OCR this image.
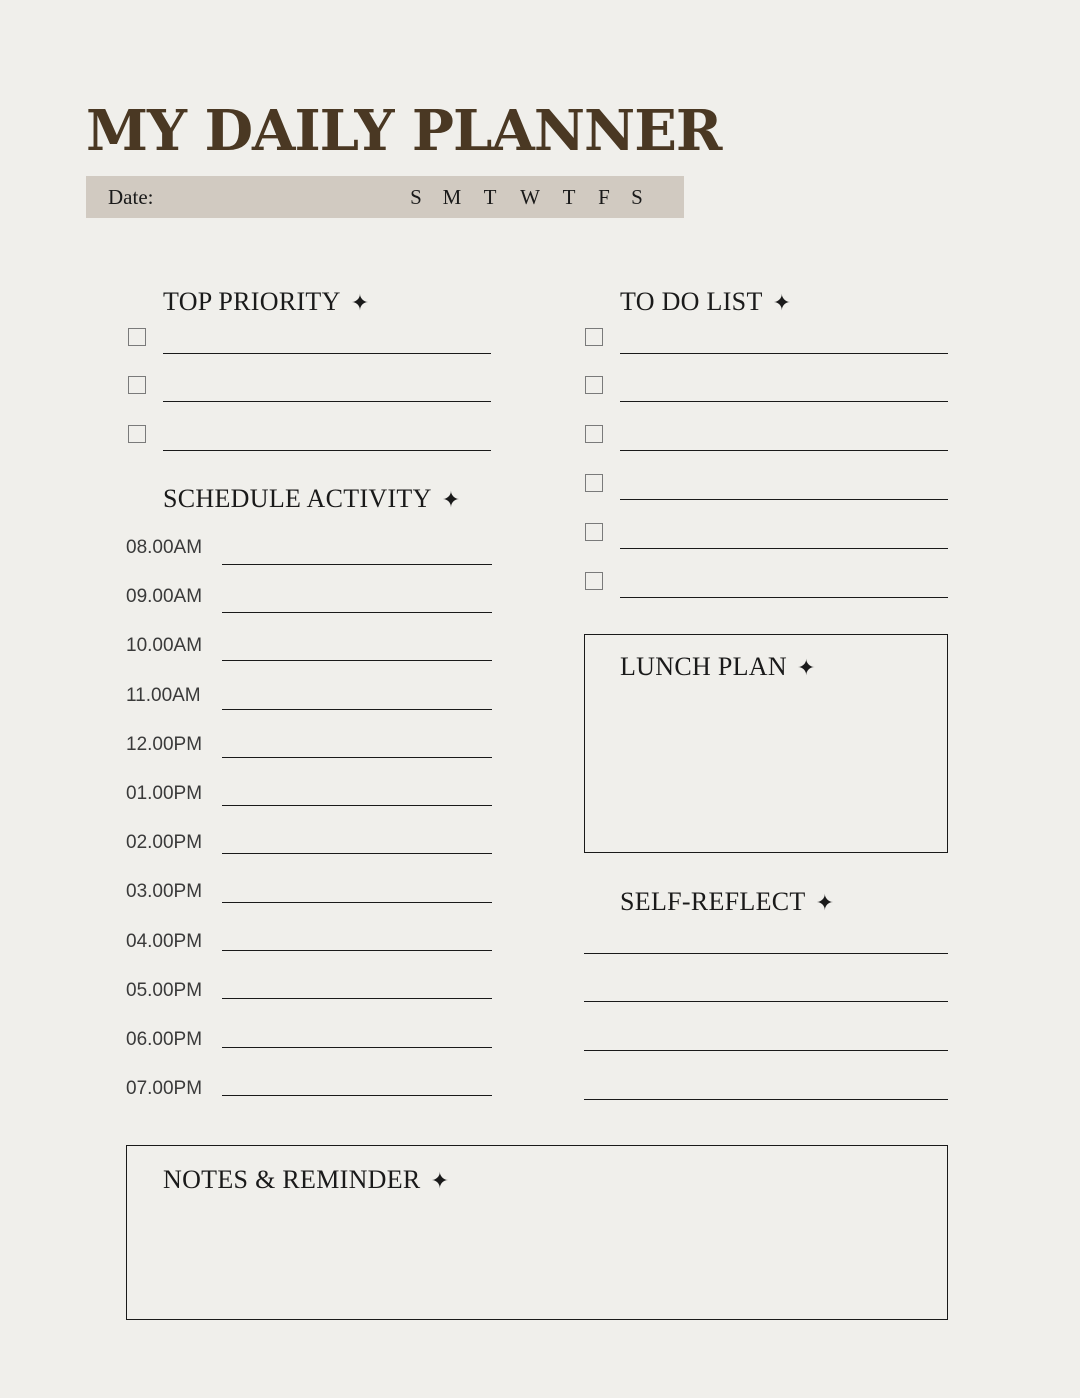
MY DAILY PLANNER
Date:	S M T W T F S
TOP PRIORITY ✦	TO DO LIST ✦
SCHEDULE ACTIVITY ✦
08.00AM
09.00AM
10.00AM
11.00AM
12.00PM
01.00PM
02.00PM
03.00PM
04.00PM
05.00PM
06.00PM
07.00PM
LUNCH PLAN ✦
SELF-REFLECT ✦
NOTES & REMINDER ✦
